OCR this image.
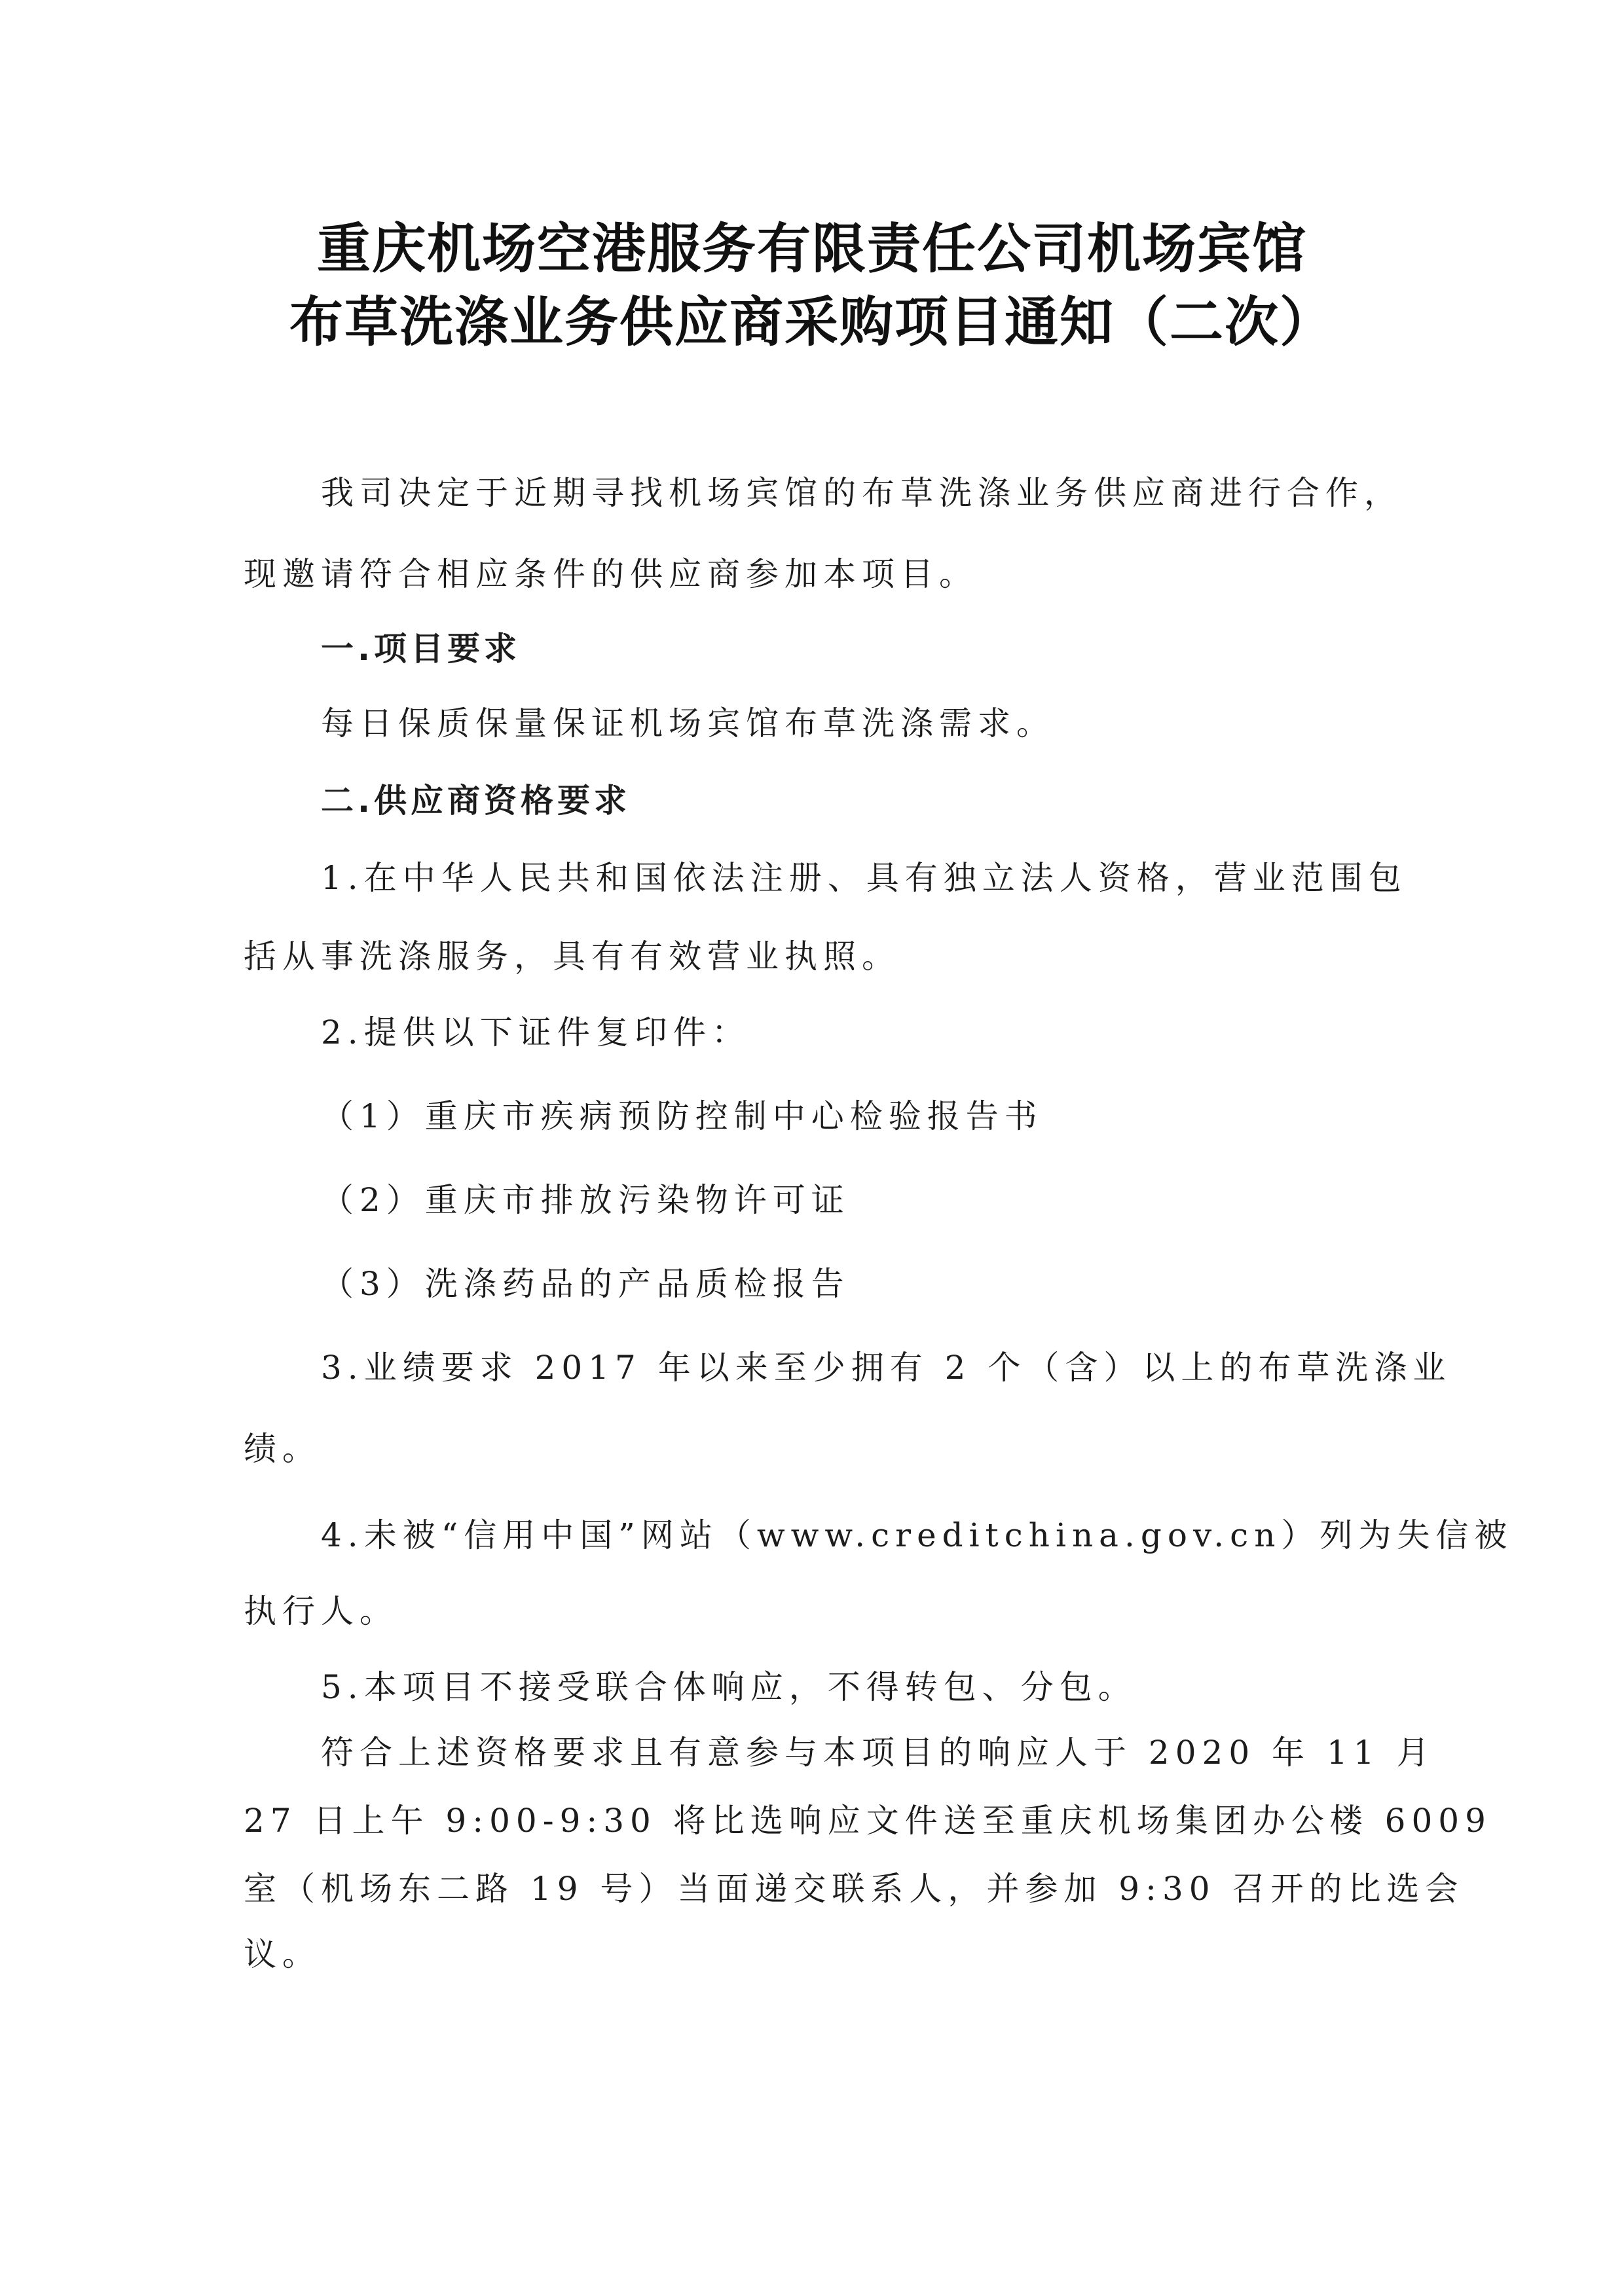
重庆机场空港服务有限责任公司机场宾馆
布草洗涤业务供应商采购项目通知（二次）
我司决定于近期寻找机场宾馆的布草洗涤业务供应商进行合作，
现邀请符合相应条件的供应商参加本项目。
一.项目要求
每日保质保量保证机场宾馆布草洗涤需求。
二.供应商资格要求
1.在中华人民共和国依法注册、具有独立法人资格，营业范围包
括从事洗涤服务，具有有效营业执照。
2.提供以下证件复印件：
（1）重庆市疾病预防控制中心检验报告书
（2）重庆市排放污染物许可证
（3）洗涤药品的产品质检报告
3.业绩要求 2017 年以来至少拥有 2 个（含）以上的布草洗涤业
绩。
4.未被“信用中国”网站（www.creditchina.gov.cn）列为失信被
执行人。
5.本项目不接受联合体响应，不得转包、分包。
符合上述资格要求且有意参与本项目的响应人于 2020 年 11 月
27 日上午 9:00-9:30 将比选响应文件送至重庆机场集团办公楼 6009
室（机场东二路 19 号）当面递交联系人，并参加 9:30 召开的比选会
议。
